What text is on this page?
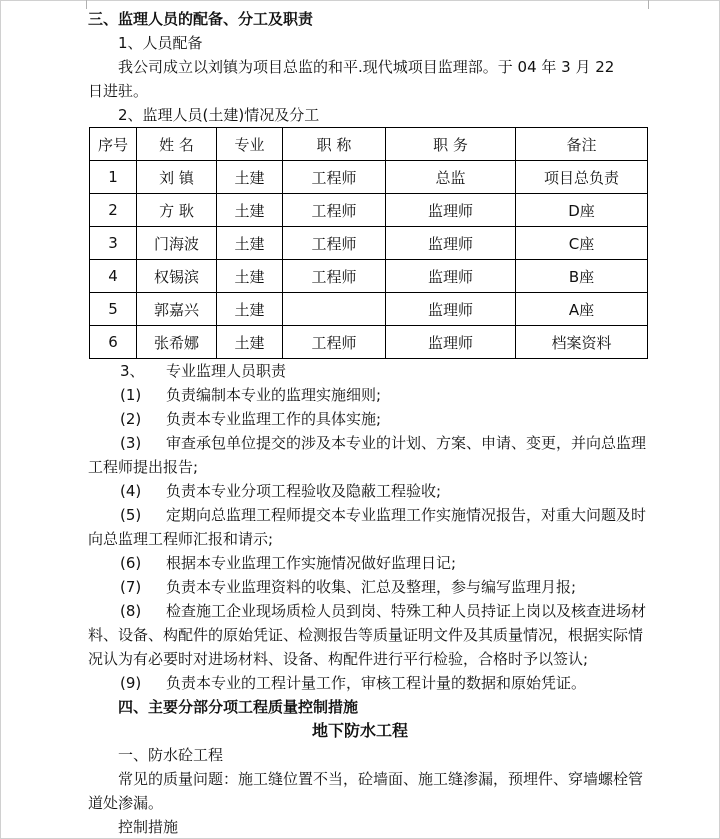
三、监理人员的配备、分工及职责
1、人员配备
我公司成立以刘镇为项目总监的和平.现代城项目监理部。于 04 年 3 月 22
日进驻。
2、监理人员(土建)情况及分工
序号	姓 名	专业	职 称	职 务	备注
1	刘 镇	土建	工程师	总监	项目总负责
2	方 耿	土建	工程师	监理师	D座
3	门海波	土建	工程师	监理师	C座
4	权锡滨	土建	工程师	监理师	B座
5	郭嘉兴	土建		监理师	A座
6	张希娜	土建	工程师	监理师	档案资料
3、 专业监理人员职责
(1) 负责编制本专业的监理实施细则;
(2) 负责本专业监理工作的具体实施;
(3) 审查承包单位提交的涉及本专业的计划、方案、申请、变更，并向总监理
工程师提出报告;
(4) 负责本专业分项工程验收及隐蔽工程验收;
(5) 定期向总监理工程师提交本专业监理工作实施情况报告，对重大问题及时
向总监理工程师汇报和请示;
(6) 根据本专业监理工作实施情况做好监理日记;
(7) 负责本专业监理资料的收集、汇总及整理，参与编写监理月报;
(8) 检查施工企业现场质检人员到岗、特殊工种人员持证上岗以及核查进场材
料、设备、构配件的原始凭证、检测报告等质量证明文件及其质量情况，根据实际情
况认为有必要时对进场材料、设备、构配件进行平行检验，合格时予以签认;
(9) 负责本专业的工程计量工作，审核工程计量的数据和原始凭证。
四、主要分部分项工程质量控制措施
地下防水工程
一、防水砼工程
常见的质量问题：施工缝位置不当，砼墙面、施工缝渗漏，预埋件、穿墙螺栓管
道处渗漏。
控制措施
